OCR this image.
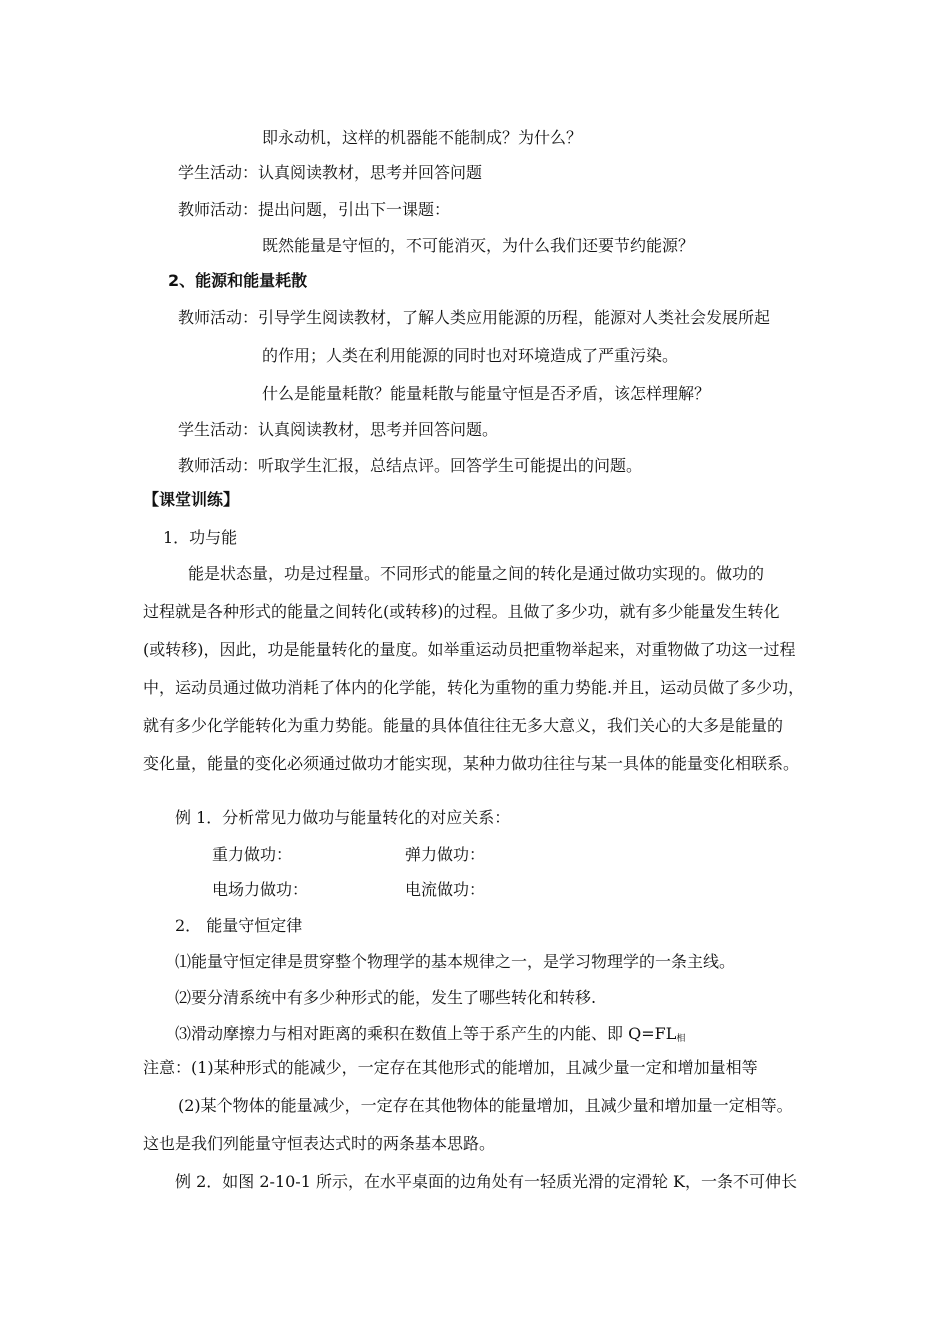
即永动机，这样的机器能不能制成？为什么？
学生活动：认真阅读教材，思考并回答问题
教师活动：提出问题，引出下一课题：
既然能量是守恒的，不可能消灭，为什么我们还要节约能源？
2、能源和能量耗散
教师活动：引导学生阅读教材，了解人类应用能源的历程，能源对人类社会发展所起
的作用；人类在利用能源的同时也对环境造成了严重污染。
什么是能量耗散？能量耗散与能量守恒是否矛盾，该怎样理解？
学生活动：认真阅读教材，思考并回答问题。
教师活动：听取学生汇报，总结点评。回答学生可能提出的问题。
【课堂训练】
1．功与能
能是状态量，功是过程量。不同形式的能量之间的转化是通过做功实现的。做功的
过程就是各种形式的能量之间转化(或转移)的过程。且做了多少功，就有多少能量发生转化
(或转移)，因此，功是能量转化的量度。如举重运动员把重物举起来，对重物做了功这一过程
中，运动员通过做功消耗了体内的化学能，转化为重物的重力势能.并且，运动员做了多少功，
就有多少化学能转化为重力势能。能量的具体值往往无多大意义，我们关心的大多是能量的
变化量，能量的变化必须通过做功才能实现，某种力做功往往与某一具体的能量变化相联系。
例 1．分析常见力做功与能量转化的对应关系：
重力做功：	弹力做功：
电场力做功：	电流做功：
2． 能量守恒定律
⑴能量守恒定律是贯穿整个物理学的基本规律之一，是学习物理学的一条主线。
⑵要分清系统中有多少种形式的能，发生了哪些转化和转移.
⑶滑动摩擦力与相对距离的乘积在数值上等于系产生的内能、即 $Q=FL_相$
注意：(1)某种形式的能减少，一定存在其他形式的能增加，且减少量一定和增加量相等
(2)某个物体的能量减少，一定存在其他物体的能量增加，且减少量和增加量一定相等。
这也是我们列能量守恒表达式时的两条基本思路。
例 2．如图 2-10-1 所示，在水平桌面的边角处有一轻质光滑的定滑轮 K，一条不可伸长
